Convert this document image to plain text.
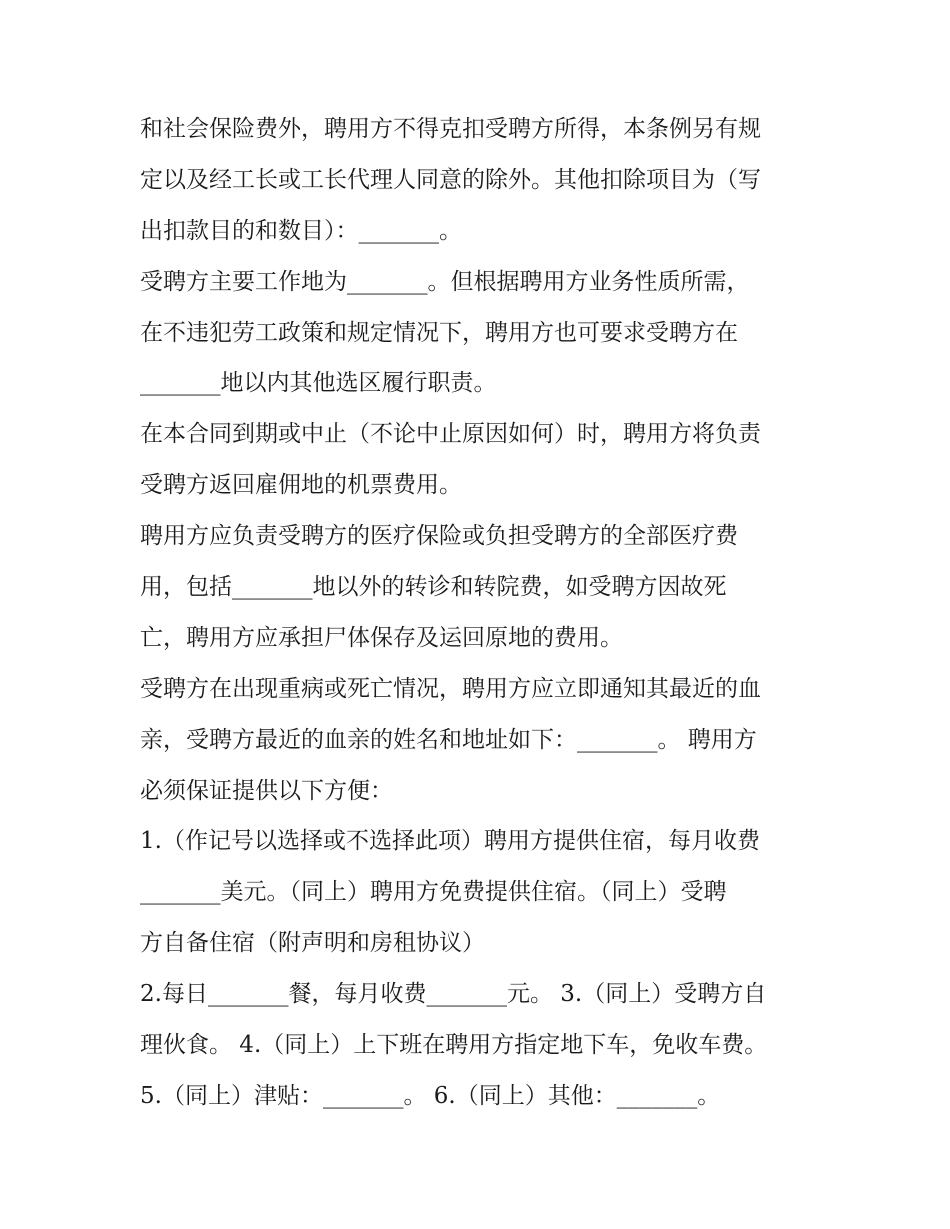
和社会保险费外，聘用方不得克扣受聘方所得，本条例另有规
定以及经工长或工长代理人同意的除外。其他扣除项目为（写
出扣款目的和数目）：_______。
受聘方主要工作地为_______。但根据聘用方业务性质所需，
在不违犯劳工政策和规定情况下，聘用方也可要求受聘方在
_______地以内其他选区履行职责。
在本合同到期或中止（不论中止原因如何）时，聘用方将负责
受聘方返回雇佣地的机票费用。
聘用方应负责受聘方的医疗保险或负担受聘方的全部医疗费
用，包括_______地以外的转诊和转院费，如受聘方因故死
亡，聘用方应承担尸体保存及运回原地的费用。
受聘方在出现重病或死亡情况，聘用方应立即通知其最近的血
亲，受聘方最近的血亲的姓名和地址如下：_______。 聘用方
必须保证提供以下方便：
1.（作记号以选择或不选择此项）聘用方提供住宿，每月收费
_______美元。（同上）聘用方免费提供住宿。（同上）受聘
方自备住宿（附声明和房租协议）
2.每日_______餐，每月收费_______元。 3.（同上）受聘方自
理伙食。 4.（同上）上下班在聘用方指定地下车，免收车费。
5.（同上）津贴：_______。 6.（同上）其他：_______。
